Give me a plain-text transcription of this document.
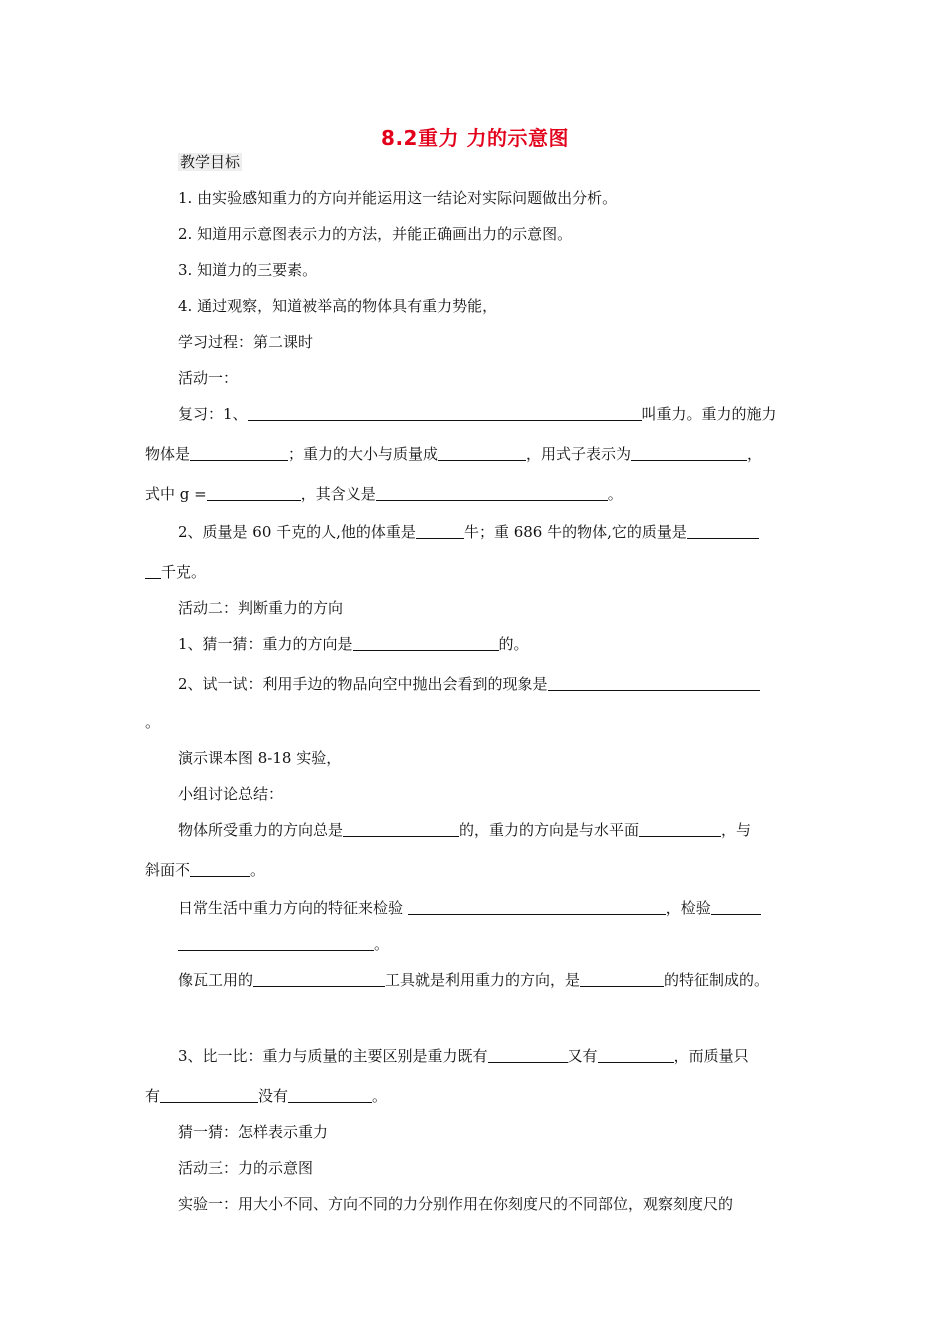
8.2重力 力的示意图
教学目标
1. 由实验感知重力的方向并能运用这一结论对实际问题做出分析。
2. 知道用示意图表示力的方法，并能正确画出力的示意图。
3. 知道力的三要素。
4. 通过观察，知道被举高的物体具有重力势能，
学习过程：第二课时
活动一：
复习：1、	叫重力。重力的施力
物体是	；重力的大小与质量成	，用式子表示为	，
式中 g =	，其含义是	。
2、质量是 60 千克的人,他的体重是	牛；重 686 牛的物体,它的质量是
千克。
活动二：判断重力的方向
1、猜一猜：重力的方向是	的。
2、试一试：利用手边的物品向空中抛出会看到的现象是
。
演示课本图 8-18 实验，
小组讨论总结：
物体所受重力的方向总是	的，重力的方向是与水平面	，与
斜面不	。
日常生活中重力方向的特征来检验	，检验
。
像瓦工用的	工具就是利用重力的方向，是	的特征制成的。
3、比一比：重力与质量的主要区别是重力既有	又有	，而质量只
有	没有	。
猜一猜：怎样表示重力
活动三：力的示意图
实验一：用大小不同、方向不同的力分别作用在你刻度尺的不同部位，观察刻度尺的
